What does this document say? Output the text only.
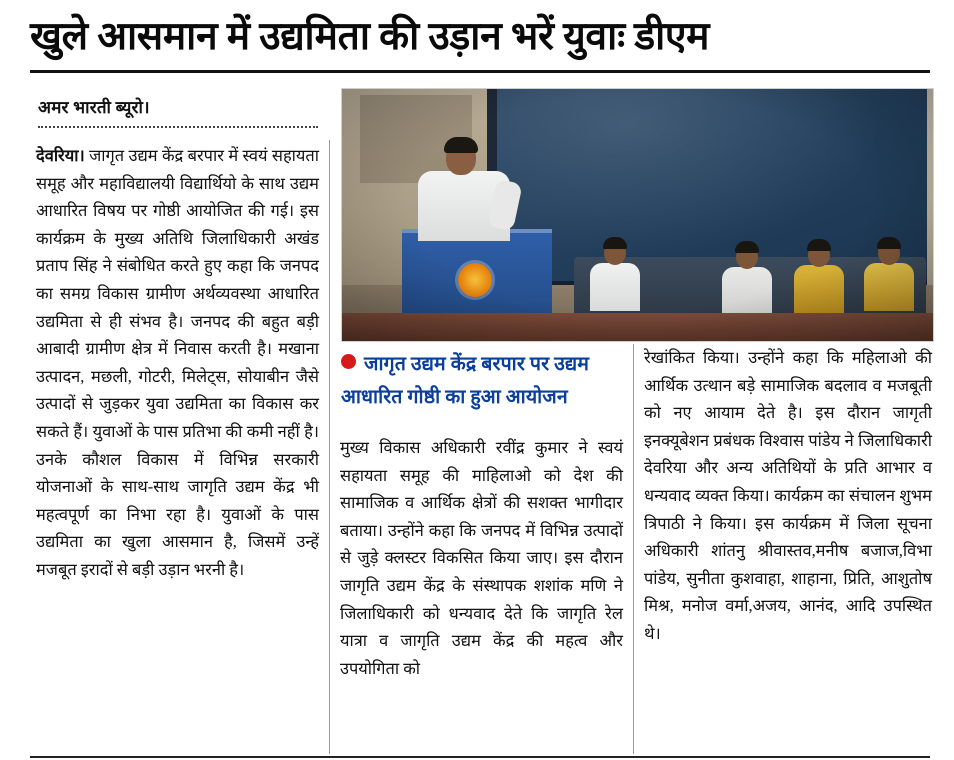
खुले आसमान में उद्यमिता की उड़ान भरें युवाः डीएम
अमर भारती ब्यूरो।
जागृत उद्यम केंद्र बरपार पर उद्यम
आधारित गोष्ठी का हुआ आयोजन

देवरिया। जागृत उद्यम केंद्र बरपार में स्वयं सहायता समूह और महाविद्यालयी विद्यार्थियो के साथ उद्यम आधारित विषय पर गोष्ठी आयोजित की गई। इस कार्यक्रम के मुख्य अतिथि जिलाधिकारी अखंड प्रताप सिंह ने संबोधित करते हुए कहा कि जनपद का समग्र विकास ग्रामीण अर्थव्यवस्था आधारित उद्यमिता से ही संभव है। जनपद की बहुत बड़ी आबादी ग्रामीण क्षेत्र में निवास करती है। मखाना उत्पादन, मछली, गोटरी, मिलेट्स, सोयाबीन जैसे उत्पादों से जुड़कर युवा उद्यमिता का विकास कर सकते हैं। युवाओं के पास प्रतिभा की कमी नहीं है। उनके कौशल विकास में विभिन्न सरकारी योजनाओं के साथ-साथ जागृति उद्यम केंद्र भी महत्वपूर्ण का निभा रहा है। युवाओं के पास उद्यमिता का खुला आसमान है, जिसमें उन्हें मजबूत इरादों से बड़ी उड़ान भरनी है।

मुख्य विकास अधिकारी रवींद्र कुमार ने स्वयं सहायता समूह की माहिलाओ को देश की सामाजिक व आर्थिक क्षेत्रों की सशक्त भागीदार बताया। उन्होंने कहा कि जनपद में विभिन्न उत्पादों से जुड़े क्लस्टर विकसित किया जाए। इस दौरान जागृति उद्यम केंद्र के संस्थापक शशांक मणि ने जिलाधिकारी को धन्यवाद देते कि जागृति रेल यात्रा व जागृति उद्यम केंद्र की महत्व और उपयोगिता को

रेखांकित किया। उन्होंने कहा कि महिलाओ की आर्थिक उत्थान बड़े सामाजिक बदलाव व मजबूती को नए आयाम देते है। इस दौरान जागृती इनक्यूबेशन प्रबंधक विश्वास पांडेय ने जिलाधिकारी देवरिया और अन्य अतिथियों के प्रति आभार व धन्यवाद व्यक्त किया। कार्यक्रम का संचालन शुभम त्रिपाठी ने किया। इस कार्यक्रम में जिला सूचना अधिकारी शांतनु श्रीवास्तव,मनीष बजाज,विभा पांडेय, सुनीता कुशवाहा, शाहाना, प्रिति, आशुतोष मिश्र, मनोज वर्मा,अजय, आनंद, आदि उपस्थित थे।
